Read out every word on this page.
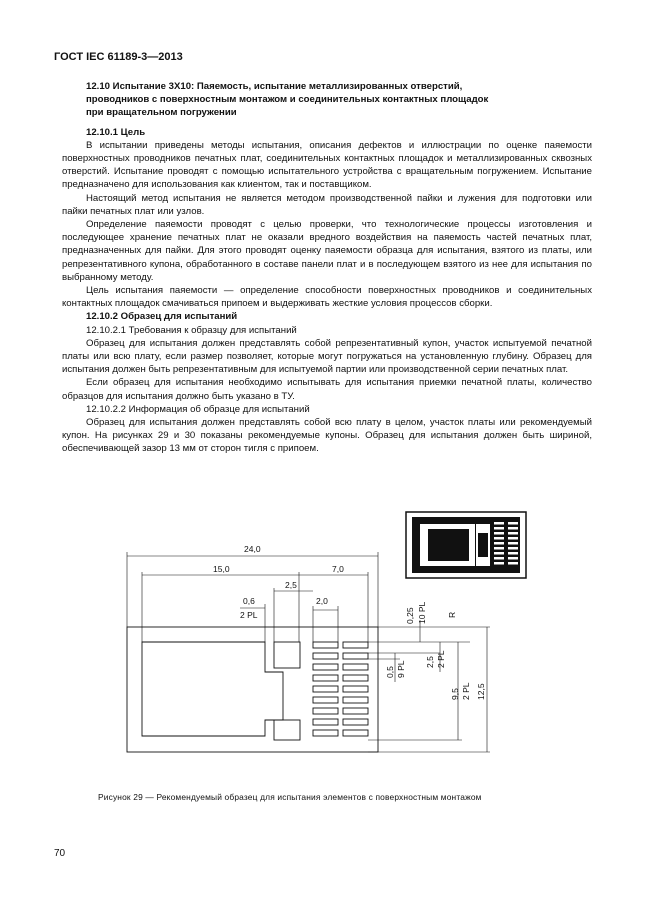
ГОСТ IEC 61189-3—2013
12.10 Испытание 3X10: Паяемость, испытание металлизированных отверстий,
проводников с поверхностным монтажом и соединительных контактных площадок
при вращательном погружении
12.10.1 Цель

В испытании приведены методы испытания, описания дефектов и иллюстрации по оценке паяемости поверхностных проводников печатных плат, соединительных контактных площадок и металлизированных сквозных отверстий. Испытание проводят с помощью испытательного устройства с вращательным погружением. Испытание предназначено для использования как клиентом, так и поставщиком.

Настоящий метод испытания не является методом производственной пайки и лужения для подготовки или пайки печатных плат или узлов.

Определение паяемости проводят с целью проверки, что технологические процессы изготовления и последующее хранение печатных плат не оказали вредного воздействия на паяемость частей печатных плат, предназначенных для пайки. Для этого проводят оценку паяемости образца для испытания, взятого из платы, или репрезентативного купона, обработанного в составе панели плат и в последующем взятого из нее для испытания по выбранному методу.

Цель испытания паяемости — определение способности поверхностных проводников и соединительных контактных площадок смачиваться припоем и выдерживать жесткие условия процессов сборки.

12.10.2 Образец для испытаний
12.10.2.1 Требования к образцу для испытаний

Образец для испытания должен представлять собой репрезентативный купон, участок испытуемой печатной платы или всю плату, если размер позволяет, которые могут погружаться на установленную глубину. Образец для испытания должен быть репрезентативным для испытуемой партии или производственной серии печатных плат.

Если образец для испытания необходимо испытывать для испытания приемки печатной платы, количество образцов для испытания должно быть указано в ТУ.

12.10.2.2 Информация об образце для испытаний

Образец для испытания должен представлять собой всю плату в целом, участок платы или рекомендуемый купон. На рисунках 29 и 30 показаны рекомендуемые купоны. Образец для испытания должен быть шириной, обеспечивающей зазор 13 мм от сторон тигля с припоем.

24,0
15,0	7,0
2,5
0,6
2 PL
2,0
0,25 10 PL R
0,5 9 PL 2,5 2 PL
9,5 2 PL 12,5
Рисунок 29 — Рекомендуемый образец для испытания элементов с поверхностным монтажом
70
